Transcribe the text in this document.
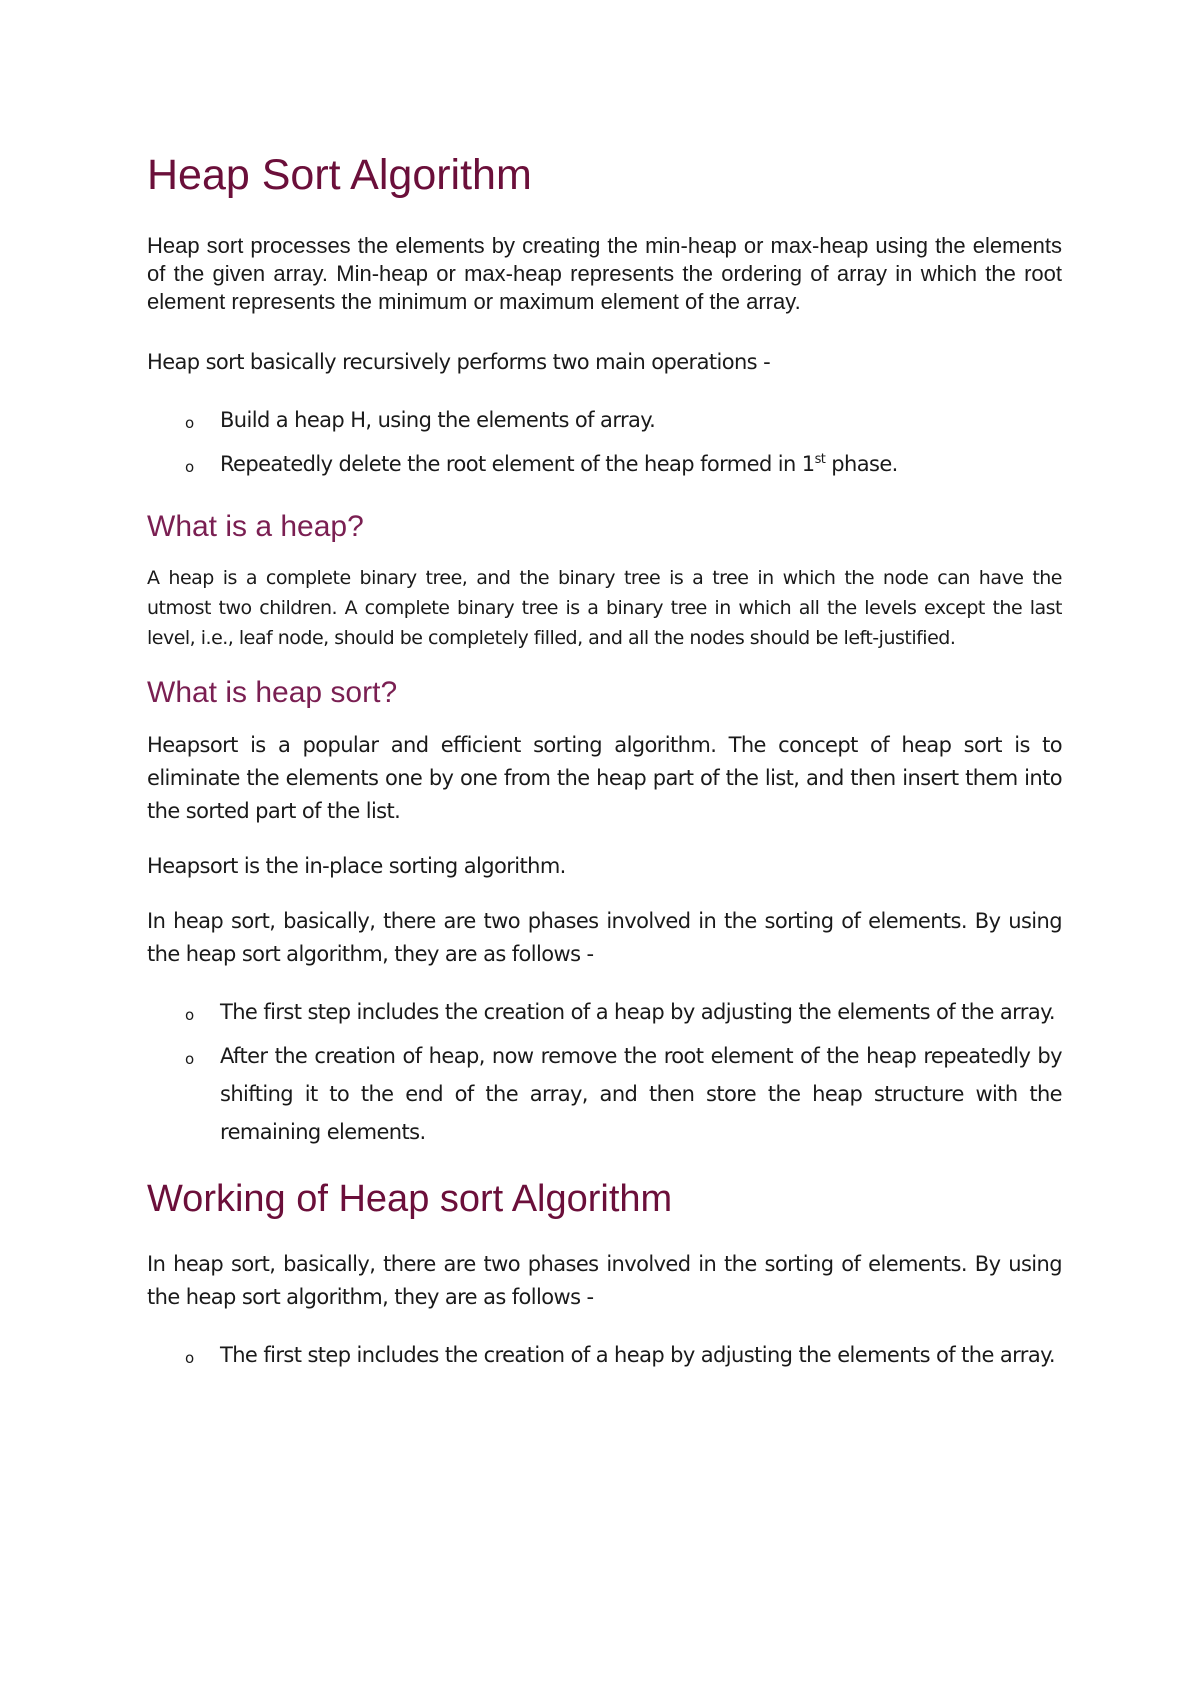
Heap Sort Algorithm

Heap sort processes the elements by creating the min-heap or max-heap using the elements of the given array. Min-heap or max-heap represents the ordering of array in which the root element represents the minimum or maximum element of the array.

Heap sort basically recursively performs two main operations -

o Build a heap H, using the elements of array.
o Repeatedly delete the root element of the heap formed in 1st phase.
What is a heap?

A heap is a complete binary tree, and the binary tree is a tree in which the node can have the utmost two children. A complete binary tree is a binary tree in which all the levels except the last level, i.e., leaf node, should be completely filled, and all the nodes should be left-justified.

What is heap sort?

Heapsort is a popular and efficient sorting algorithm. The concept of heap sort is to eliminate the elements one by one from the heap part of the list, and then insert them into the sorted part of the list.

Heapsort is the in-place sorting algorithm.

In heap sort, basically, there are two phases involved in the sorting of elements. By using the heap sort algorithm, they are as follows -

o The first step includes the creation of a heap by adjusting the elements of the array.
o After the creation of heap, now remove the root element of the heap repeatedly by shifting it to the end of the array, and then store the heap structure with the remaining elements.
Working of Heap sort Algorithm

In heap sort, basically, there are two phases involved in the sorting of elements. By using the heap sort algorithm, they are as follows -

o The first step includes the creation of a heap by adjusting the elements of the array.
